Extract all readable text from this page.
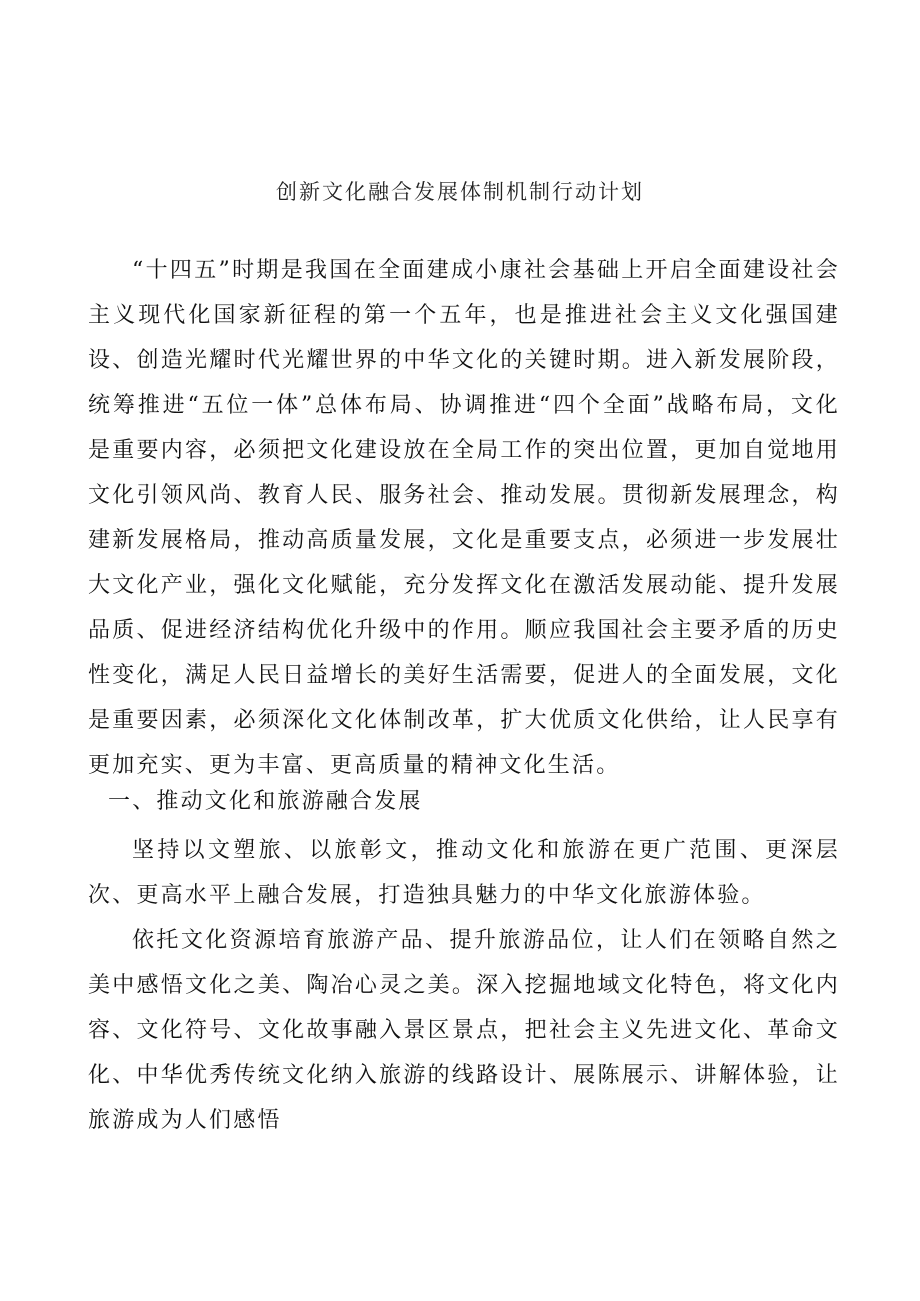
创新文化融合发展体制机制行动计划

“十四五”时期是我国在全面建成小康社会基础上开启全面建设社会主义现代化国家新征程的第一个五年，也是推进社会主义文化强国建设、创造光耀时代光耀世界的中华文化的关键时期。进入新发展阶段，统筹推进“五位一体”总体布局、协调推进“四个全面”战略布局，文化是重要内容，必须把文化建设放在全局工作的突出位置，更加自觉地用文化引领风尚、教育人民、服务社会、推动发展。贯彻新发展理念，构建新发展格局，推动高质量发展，文化是重要支点，必须进一步发展壮大文化产业，强化文化赋能，充分发挥文化在激活发展动能、提升发展品质、促进经济结构优化升级中的作用。顺应我国社会主要矛盾的历史性变化，满足人民日益增长的美好生活需要，促进人的全面发展，文化是重要因素，必须深化文化体制改革，扩大优质文化供给，让人民享有更加充实、更为丰富、更高质量的精神文化生活。

一、推动文化和旅游融合发展

坚持以文塑旅、以旅彰文，推动文化和旅游在更广范围、更深层次、更高水平上融合发展，打造独具魅力的中华文化旅游体验。

依托文化资源培育旅游产品、提升旅游品位，让人们在领略自然之美中感悟文化之美、陶冶心灵之美。深入挖掘地域文化特色，将文化内容、文化符号、文化故事融入景区景点，把社会主义先进文化、革命文化、中华优秀传统文化纳入旅游的线路设计、展陈展示、讲解体验，让旅游成为人们感悟
